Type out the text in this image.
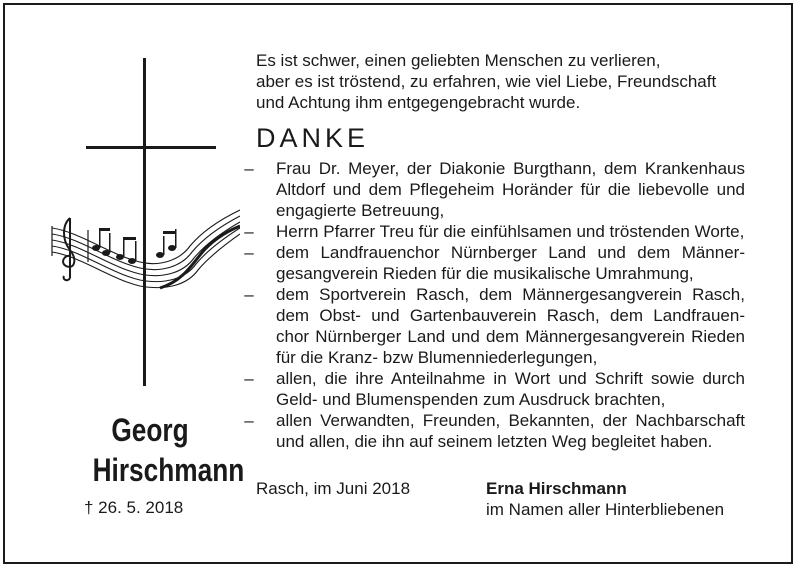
Georg
Hirschmann
† 26. 5. 2018
Es ist schwer, einen geliebten Menschen zu verlieren,
aber es ist tröstend, zu erfahren, wie viel Liebe, Freundschaft
und Achtung ihm entgegengebracht wurde.
DANKE
–	Frau Dr. Meyer, der Diakonie Burgthann, dem Krankenhaus
Altdorf und dem Pflegeheim Horänder für die liebevolle und
engagierte Betreuung,
–	Herrn Pfarrer Treu für die einfühlsamen und tröstenden Worte,
–	dem Landfrauenchor Nürnberger Land und dem Männer-
gesangverein Rieden für die musikalische Umrahmung,
–	dem Sportverein Rasch, dem Männergesangverein Rasch,
dem Obst- und Gartenbauverein Rasch, dem Landfrauen-
chor Nürnberger Land und dem Männergesangverein Rieden
für die Kranz- bzw Blumenniederlegungen,
–	allen, die ihre Anteilnahme in Wort und Schrift sowie durch
Geld- und Blumenspenden zum Ausdruck brachten,
–	allen Verwandten, Freunden, Bekannten, der Nachbarschaft
und allen, die ihn auf seinem letzten Weg begleitet haben.
Rasch, im Juni 2018	Erna Hirschmann
im Namen aller Hinterbliebenen
